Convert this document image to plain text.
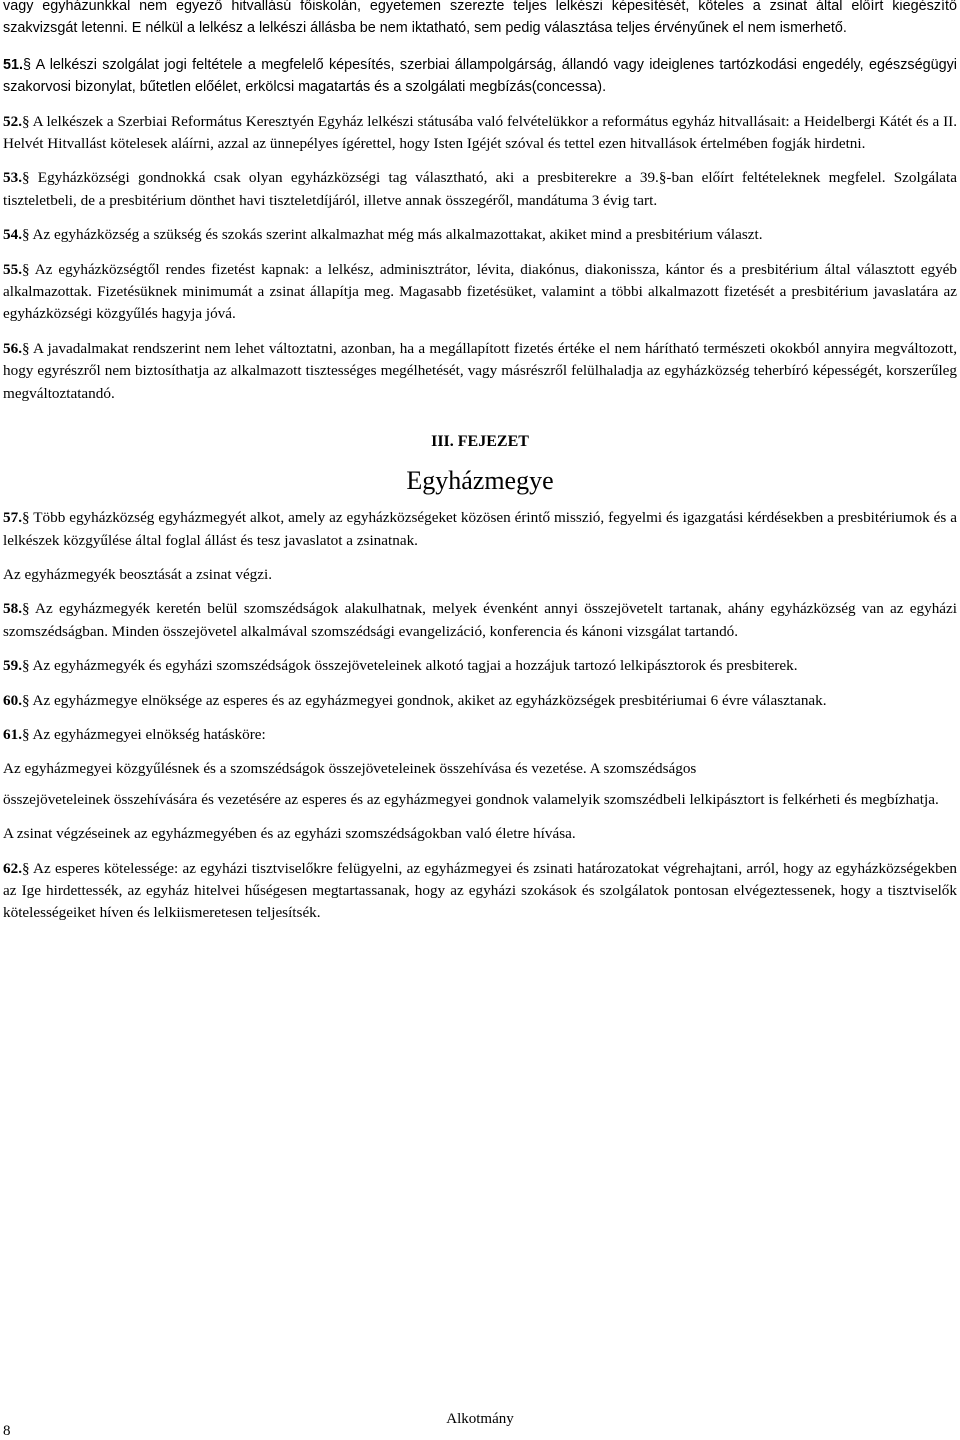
vagy egyházunkkal nem egyező hitvallású főiskolán, egyetemen szerezte teljes lelkészi képesítését, köteles a zsinat által előírt kiegészítő szakvizsgát letenni. E nélkül a lelkész a lelkészi állásba be nem iktatható, sem pedig választása teljes érvényűnek el nem ismerhető.

51.§ A lelkészi szolgálat jogi feltétele a megfelelő képesítés, szerbiai állampolgárság, állandó vagy ideiglenes tartózkodási engedély, egészségügyi szakorvosi bizonylat, bűtetlen előélet, erkölcsi magatartás és a szolgálati megbízás(concessa).

52.§ A lelkészek a Szerbiai Református Keresztyén Egyház lelkészi státusába való felvételükkor a református egyház hitvallásait: a Heidelbergi Kátét és a II. Helvét Hitvallást kötelesek aláírni, azzal az ünnepélyes ígérettel, hogy Isten Igéjét szóval és tettel ezen hitvallások értelmében fogják hirdetni.

53.§ Egyházközségi gondnokká csak olyan egyházközségi tag választható, aki a presbiterekre a 39.§-ban előírt feltételeknek megfelel. Szolgálata tiszteletbeli, de a presbitérium dönthet havi tiszteletdíjáról, illetve annak összegéről, mandátuma 3 évig tart.

54.§ Az egyházközség a szükség és szokás szerint alkalmazhat még más alkalmazottakat, akiket mind a presbitérium választ.

55.§ Az egyházközségtől rendes fizetést kapnak: a lelkész, adminisztrátor, lévita, diakónus, diakonissza, kántor és a presbitérium által választott egyéb alkalmazottak. Fizetésüknek minimumát a zsinat állapítja meg. Magasabb fizetésüket, valamint a többi alkalmazott fizetését a presbitérium javaslatára az egyházközségi közgyűlés hagyja jóvá.

56.§ A javadalmakat rendszerint nem lehet változtatni, azonban, ha a megállapított fizetés értéke el nem hárítható természeti okokból annyira megváltozott, hogy egyrészről nem biztosíthatja az alkalmazott tisztességes megélhetését, vagy másrészről felülhaladja az egyházközség teherbíró képességét, korszerűleg megváltoztatandó.

III. FEJEZET
Egyházmegye

57.§ Több egyházközség egyházmegyét alkot, amely az egyházközségeket közösen érintő misszió, fegyelmi és igazgatási kérdésekben a presbitériumok és a lelkészek közgyűlése által foglal állást és tesz javaslatot a zsinatnak.

Az egyházmegyék beosztását a zsinat végzi.

58.§ Az egyházmegyék keretén belül szomszédságok alakulhatnak, melyek évenként annyi összejövetelt tartanak, ahány egyházközség van az egyházi szomszédságban. Minden összejövetel alkalmával szomszédsági evangelizáció, konferencia és kánoni vizsgálat tartandó.

59.§ Az egyházmegyék és egyházi szomszédságok összejöveteleinek alkotó tagjai a hozzájuk tartozó lelkipásztorok és presbiterek.

60.§ Az egyházmegye elnöksége az esperes és az egyházmegyei gondnok, akiket az egyházközségek presbitériumai 6 évre választanak.

61.§ Az egyházmegyei elnökség hatásköre:

Az egyházmegyei közgyűlésnek és a szomszédságok összejöveteleinek összehívása és vezetése. A szomszédságos

összejöveteleinek összehívására és vezetésére az esperes és az egyházmegyei gondnok valamelyik szomszédbeli lelkipásztort is felkérheti és megbízhatja.

A zsinat végzéseinek az egyházmegyében és az egyházi szomszédságokban való életre hívása.

62.§ Az esperes kötelessége: az egyházi tisztviselőkre felügyelni, az egyházmegyei és zsinati határozatokat végrehajtani, arról, hogy az egyházközségekben az Ige hirdettessék, az egyház hitelvei hűségesen megtartassanak, hogy az egyházi szokások és szolgálatok pontosan elvégeztessenek, hogy a tisztviselők kötelességeiket híven és lelkiismeretesen teljesítsék.

Alkotmány
8
